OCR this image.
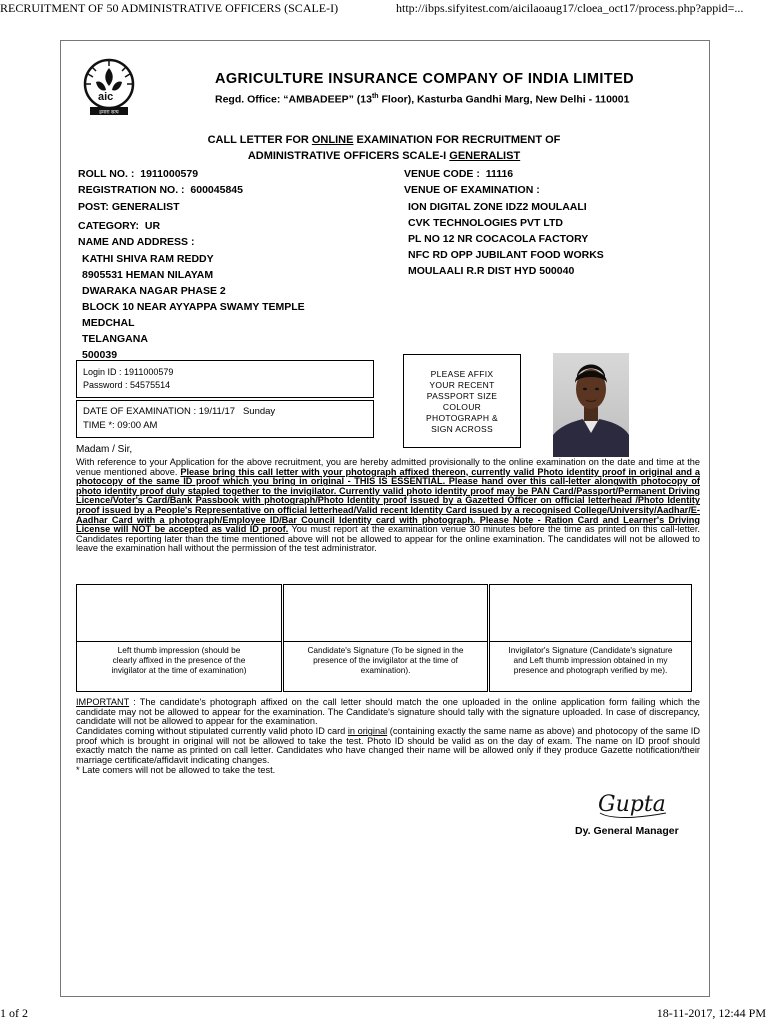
RECRUITMENT OF 50 ADMINISTRATIVE OFFICERS (SCALE-I)	http://ibps.sifyitest.com/aicilaoaug17/cloea_oct17/process.php?appid=...
aic
हमारा सत्य
AGRICULTURE INSURANCE COMPANY OF INDIA LIMITED
Regd. Office: “AMBADEEP” (13th Floor), Kasturba Gandhi Marg, New Delhi - 110001
CALL LETTER FOR ONLINE EXAMINATION FOR RECRUITMENT OF
ADMINISTRATIVE OFFICERS SCALE-I GENERALIST
ROLL NO. : 1911000579
REGISTRATION NO. : 600045845
POST: GENERALIST
CATEGORY: UR
NAME AND ADDRESS :
KATHI SHIVA RAM REDDY
8905531 HEMAN NILAYAM
DWARAKA NAGAR PHASE 2
BLOCK 10 NEAR AYYAPPA SWAMY TEMPLE
MEDCHAL
TELANGANA
500039
VENUE CODE : 11116
VENUE OF EXAMINATION :
ION DIGITAL ZONE IDZ2 MOULAALI
CVK TECHNOLOGIES PVT LTD
PL NO 12 NR COCACOLA FACTORY
NFC RD OPP JUBILANT FOOD WORKS
MOULAALI R.R DIST HYD 500040
Login ID : 1911000579
Password : 54575514
DATE OF EXAMINATION : 19/11/17   Sunday
TIME *: 09:00 AM
PLEASE AFFIX
YOUR RECENT
PASSPORT SIZE
COLOUR
PHOTOGRAPH &
SIGN ACROSS
Madam / Sir,
With reference to your Application for the above recruitment, you are hereby admitted provisionally to the online examination on the date and time at the venue mentioned above. Please bring this call letter with your photograph affixed thereon, currently valid Photo identity proof in original and a photocopy of the same ID proof which you bring in original - THIS IS ESSENTIAL. Please hand over this call-letter alongwith photocopy of photo identity proof duly stapled together to the invigilator. Currently valid photo identity proof may be PAN Card/Passport/Permanent Driving Licence/Voter's Card/Bank Passbook with photograph/Photo Identity proof issued by a Gazetted Officer on official letterhead /Photo Identity proof issued by a People's Representative on official letterhead/Valid recent Identity Card issued by a recognised College/University/Aadhar/E-Aadhar Card with a photograph/Employee ID/Bar Council Identity card with photograph. Please Note - Ration Card and Learner's Driving License will NOT be accepted as valid ID proof. You must report at the examination venue 30 minutes before the time as printed on this call-letter. Candidates reporting later than the time mentioned above will not be allowed to appear for the online examination. The candidates will not be allowed to leave the examination hall without the permission of the test administrator.
Left thumb impression (should be clearly affixed in the presence of the invigilator at the time of examination)
Candidate's Signature (To be signed in the presence of the invigilator at the time of examination).
Invigilator's Signature (Candidate's signature and Left thumb impression obtained in my presence and photograph verified by me).
IMPORTANT : The candidate's photograph affixed on the call letter should match the one uploaded in the online application form failing which the candidate may not be allowed to appear for the examination. The Candidate's signature should tally with the signature uploaded. In case of discrepancy, candidate will not be allowed to appear for the examination.
Candidates coming without stipulated currently valid photo ID card in original (containing exactly the same name as above) and photocopy of the same ID proof which is brought in original will not be allowed to take the test. Photo ID should be valid as on the day of exam. The name on ID proof should exactly match the name as printed on call letter. Candidates who have changed their name will be allowed only if they produce Gazette notification/their marriage certificate/affidavit indicating changes.
* Late comers will not be allowed to take the test.
Gupta
Dy. General Manager
1 of 2	18-11-2017, 12:44 PM
